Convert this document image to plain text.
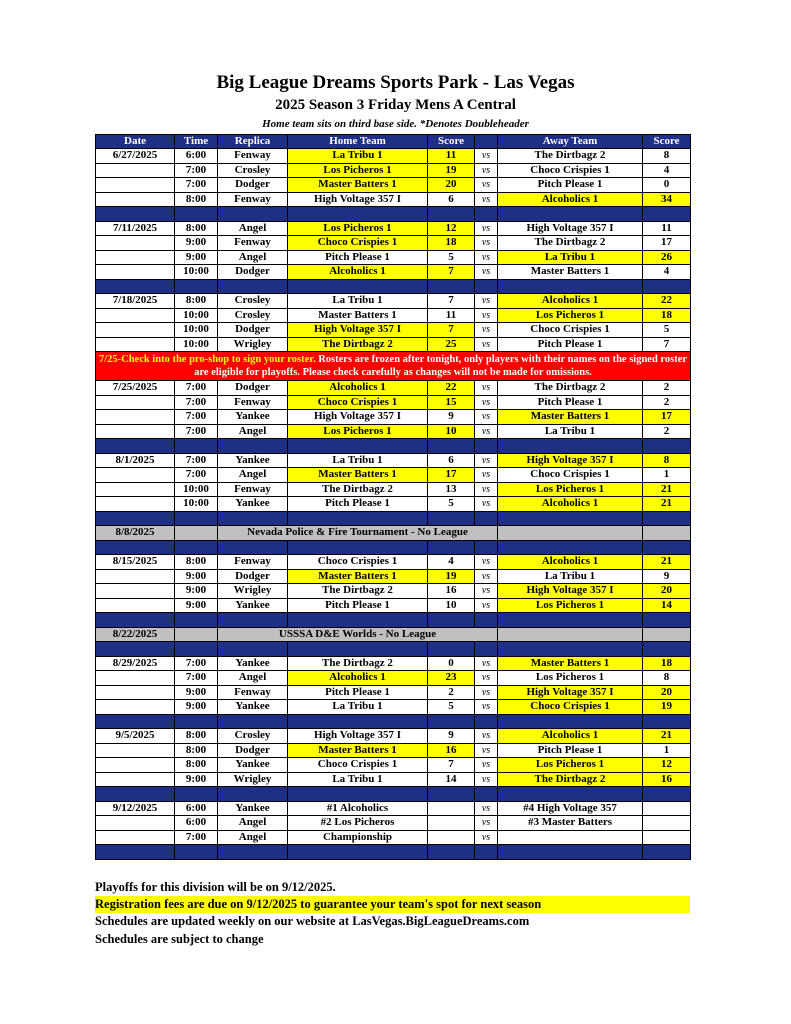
Big League Dreams Sports Park - Las Vegas
2025 Season 3 Friday Mens A Central
Home team sits on third base side. *Denotes Doubleheader
Date	Time	Replica	Home Team	Score		Away Team	Score
6/27/2025	6:00	Fenway	La Tribu 1	11	vs	The Dirtbagz 2	8
	7:00	Crosley	Los Picheros 1	19	vs	Choco Crispies 1	4
	7:00	Dodger	Master Batters 1	20	vs	Pitch Please 1	0
	8:00	Fenway	High Voltage 357 I	6	vs	Alcoholics 1	34

7/11/2025	8:00	Angel	Los Picheros 1	12	vs	High Voltage 357 I	11
	9:00	Fenway	Choco Crispies 1	18	vs	The Dirtbagz 2	17
	9:00	Angel	Pitch Please 1	5	vs	La Tribu 1	26
	10:00	Dodger	Alcoholics 1	7	vs	Master Batters 1	4

7/18/2025	8:00	Crosley	La Tribu 1	7	vs	Alcoholics 1	22
	10:00	Crosley	Master Batters 1	11	vs	Los Picheros 1	18
	10:00	Dodger	High Voltage 357 I	7	vs	Choco Crispies 1	5
	10:00	Wrigley	The Dirtbagz 2	25	vs	Pitch Please 1	7
7/25-Check into the pro-shop to sign your roster. Rosters are frozen after tonight, only players with their names on the signed roster are eligible for playoffs. Please check carefully as changes will not be made for omissions.							
7/25/2025	7:00	Dodger	Alcoholics 1	22	vs	The Dirtbagz 2	2
	7:00	Fenway	Choco Crispies 1	15	vs	Pitch Please 1	2
	7:00	Yankee	High Voltage 357 I	9	vs	Master Batters 1	17
	7:00	Angel	Los Picheros 1	10	vs	La Tribu 1	2

8/1/2025	7:00	Yankee	La Tribu 1	6	vs	High Voltage 357 I	8
	7:00	Angel	Master Batters 1	17	vs	Choco Crispies 1	1
	10:00	Fenway	The Dirtbagz 2	13	vs	Los Picheros 1	21
	10:00	Yankee	Pitch Please 1	5	vs	Alcoholics 1	21

8/8/2025		Nevada Police & Fire Tournament - No League					

8/15/2025	8:00	Fenway	Choco Crispies 1	4	vs	Alcoholics 1	21
	9:00	Dodger	Master Batters 1	19	vs	La Tribu 1	9
	9:00	Wrigley	The Dirtbagz 2	16	vs	High Voltage 357 I	20
	9:00	Yankee	Pitch Please 1	10	vs	Los Picheros 1	14

8/22/2025		USSSA D&E Worlds - No League					

8/29/2025	7:00	Yankee	The Dirtbagz 2	0	vs	Master Batters 1	18
	7:00	Angel	Alcoholics 1	23	vs	Los Picheros 1	8
	9:00	Fenway	Pitch Please 1	2	vs	High Voltage 357 I	20
	9:00	Yankee	La Tribu 1	5	vs	Choco Crispies 1	19

9/5/2025	8:00	Crosley	High Voltage 357 I	9	vs	Alcoholics 1	21
	8:00	Dodger	Master Batters 1	16	vs	Pitch Please 1	1
	8:00	Yankee	Choco Crispies 1	7	vs	Los Picheros 1	12
	9:00	Wrigley	La Tribu 1	14	vs	The Dirtbagz 2	16

9/12/2025	6:00	Yankee	#1 Alcoholics		vs	#4 High Voltage 357	
	6:00	Angel	#2 Los Picheros		vs	#3 Master Batters	
	7:00	Angel	Championship		vs		

Playoffs for this division will be on 9/12/2025.
Registration fees are due on 9/12/2025 to guarantee your team's spot for next season
Schedules are updated weekly on our website at LasVegas.BigLeagueDreams.com
Schedules are subject to change
